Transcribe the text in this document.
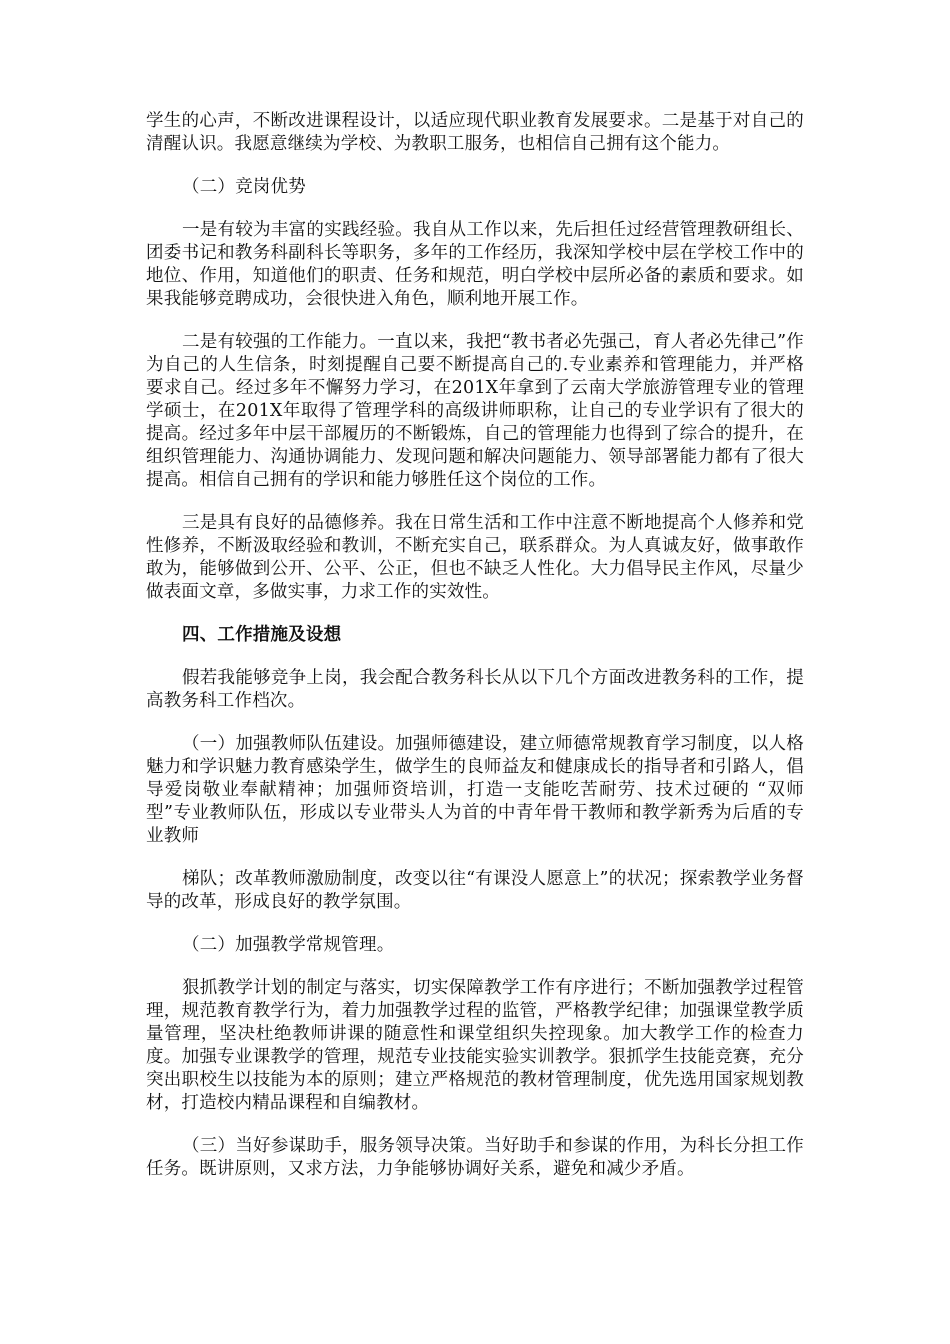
学生的心声，不断改进课程设计，以适应现代职业教育发展要求。二是基于对自己的清醒认识。我愿意继续为学校、为教职工服务，也相信自己拥有这个能力。

（二）竞岗优势

一是有较为丰富的实践经验。我自从工作以来，先后担任过经营管理教研组长、团委书记和教务科副科长等职务，多年的工作经历，我深知学校中层在学校工作中的地位、作用，知道他们的职责、任务和规范，明白学校中层所必备的素质和要求。如果我能够竞聘成功，会很快进入角色，顺利地开展工作。

二是有较强的工作能力。一直以来，我把“教书者必先强己，育人者必先律己”作为自己的人生信条，时刻提醒自己要不断提高自己的.专业素养和管理能力，并严格要求自己。经过多年不懈努力学习，在201X年拿到了云南大学旅游管理专业的管理学硕士，在201X年取得了管理学科的高级讲师职称，让自己的专业学识有了很大的提高。经过多年中层干部履历的不断锻炼，自己的管理能力也得到了综合的提升，在组织管理能力、沟通协调能力、发现问题和解决问题能力、领导部署能力都有了很大提高。相信自己拥有的学识和能力够胜任这个岗位的工作。

三是具有良好的品德修养。我在日常生活和工作中注意不断地提高个人修养和党性修养，不断汲取经验和教训，不断充实自己，联系群众。为人真诚友好，做事敢作敢为，能够做到公开、公平、公正，但也不缺乏人性化。大力倡导民主作风，尽量少做表面文章，多做实事，力求工作的实效性。

四、工作措施及设想

假若我能够竞争上岗，我会配合教务科长从以下几个方面改进教务科的工作，提高教务科工作档次。

（一）加强教师队伍建设。加强师德建设，建立师德常规教育学习制度，以人格魅力和学识魅力教育感染学生，做学生的良师益友和健康成长的指导者和引路人，倡导爱岗敬业奉献精神；加强师资培训，打造一支能吃苦耐劳、技术过硬的 “双师型”专业教师队伍，形成以专业带头人为首的中青年骨干教师和教学新秀为后盾的专业教师

梯队；改革教师激励制度，改变以往“有课没人愿意上”的状况；探索教学业务督导的改革，形成良好的教学氛围。

（二）加强教学常规管理。

狠抓教学计划的制定与落实，切实保障教学工作有序进行；不断加强教学过程管理，规范教育教学行为，着力加强教学过程的监管，严格教学纪律；加强课堂教学质量管理，坚决杜绝教师讲课的随意性和课堂组织失控现象。加大教学工作的检查力度。加强专业课教学的管理，规范专业技能实验实训教学。狠抓学生技能竞赛，充分突出职校生以技能为本的原则；建立严格规范的教材管理制度，优先选用国家规划教材，打造校内精品课程和自编教材。

（三）当好参谋助手，服务领导决策。当好助手和参谋的作用，为科长分担工作任务。既讲原则，又求方法，力争能够协调好关系，避免和减少矛盾。
